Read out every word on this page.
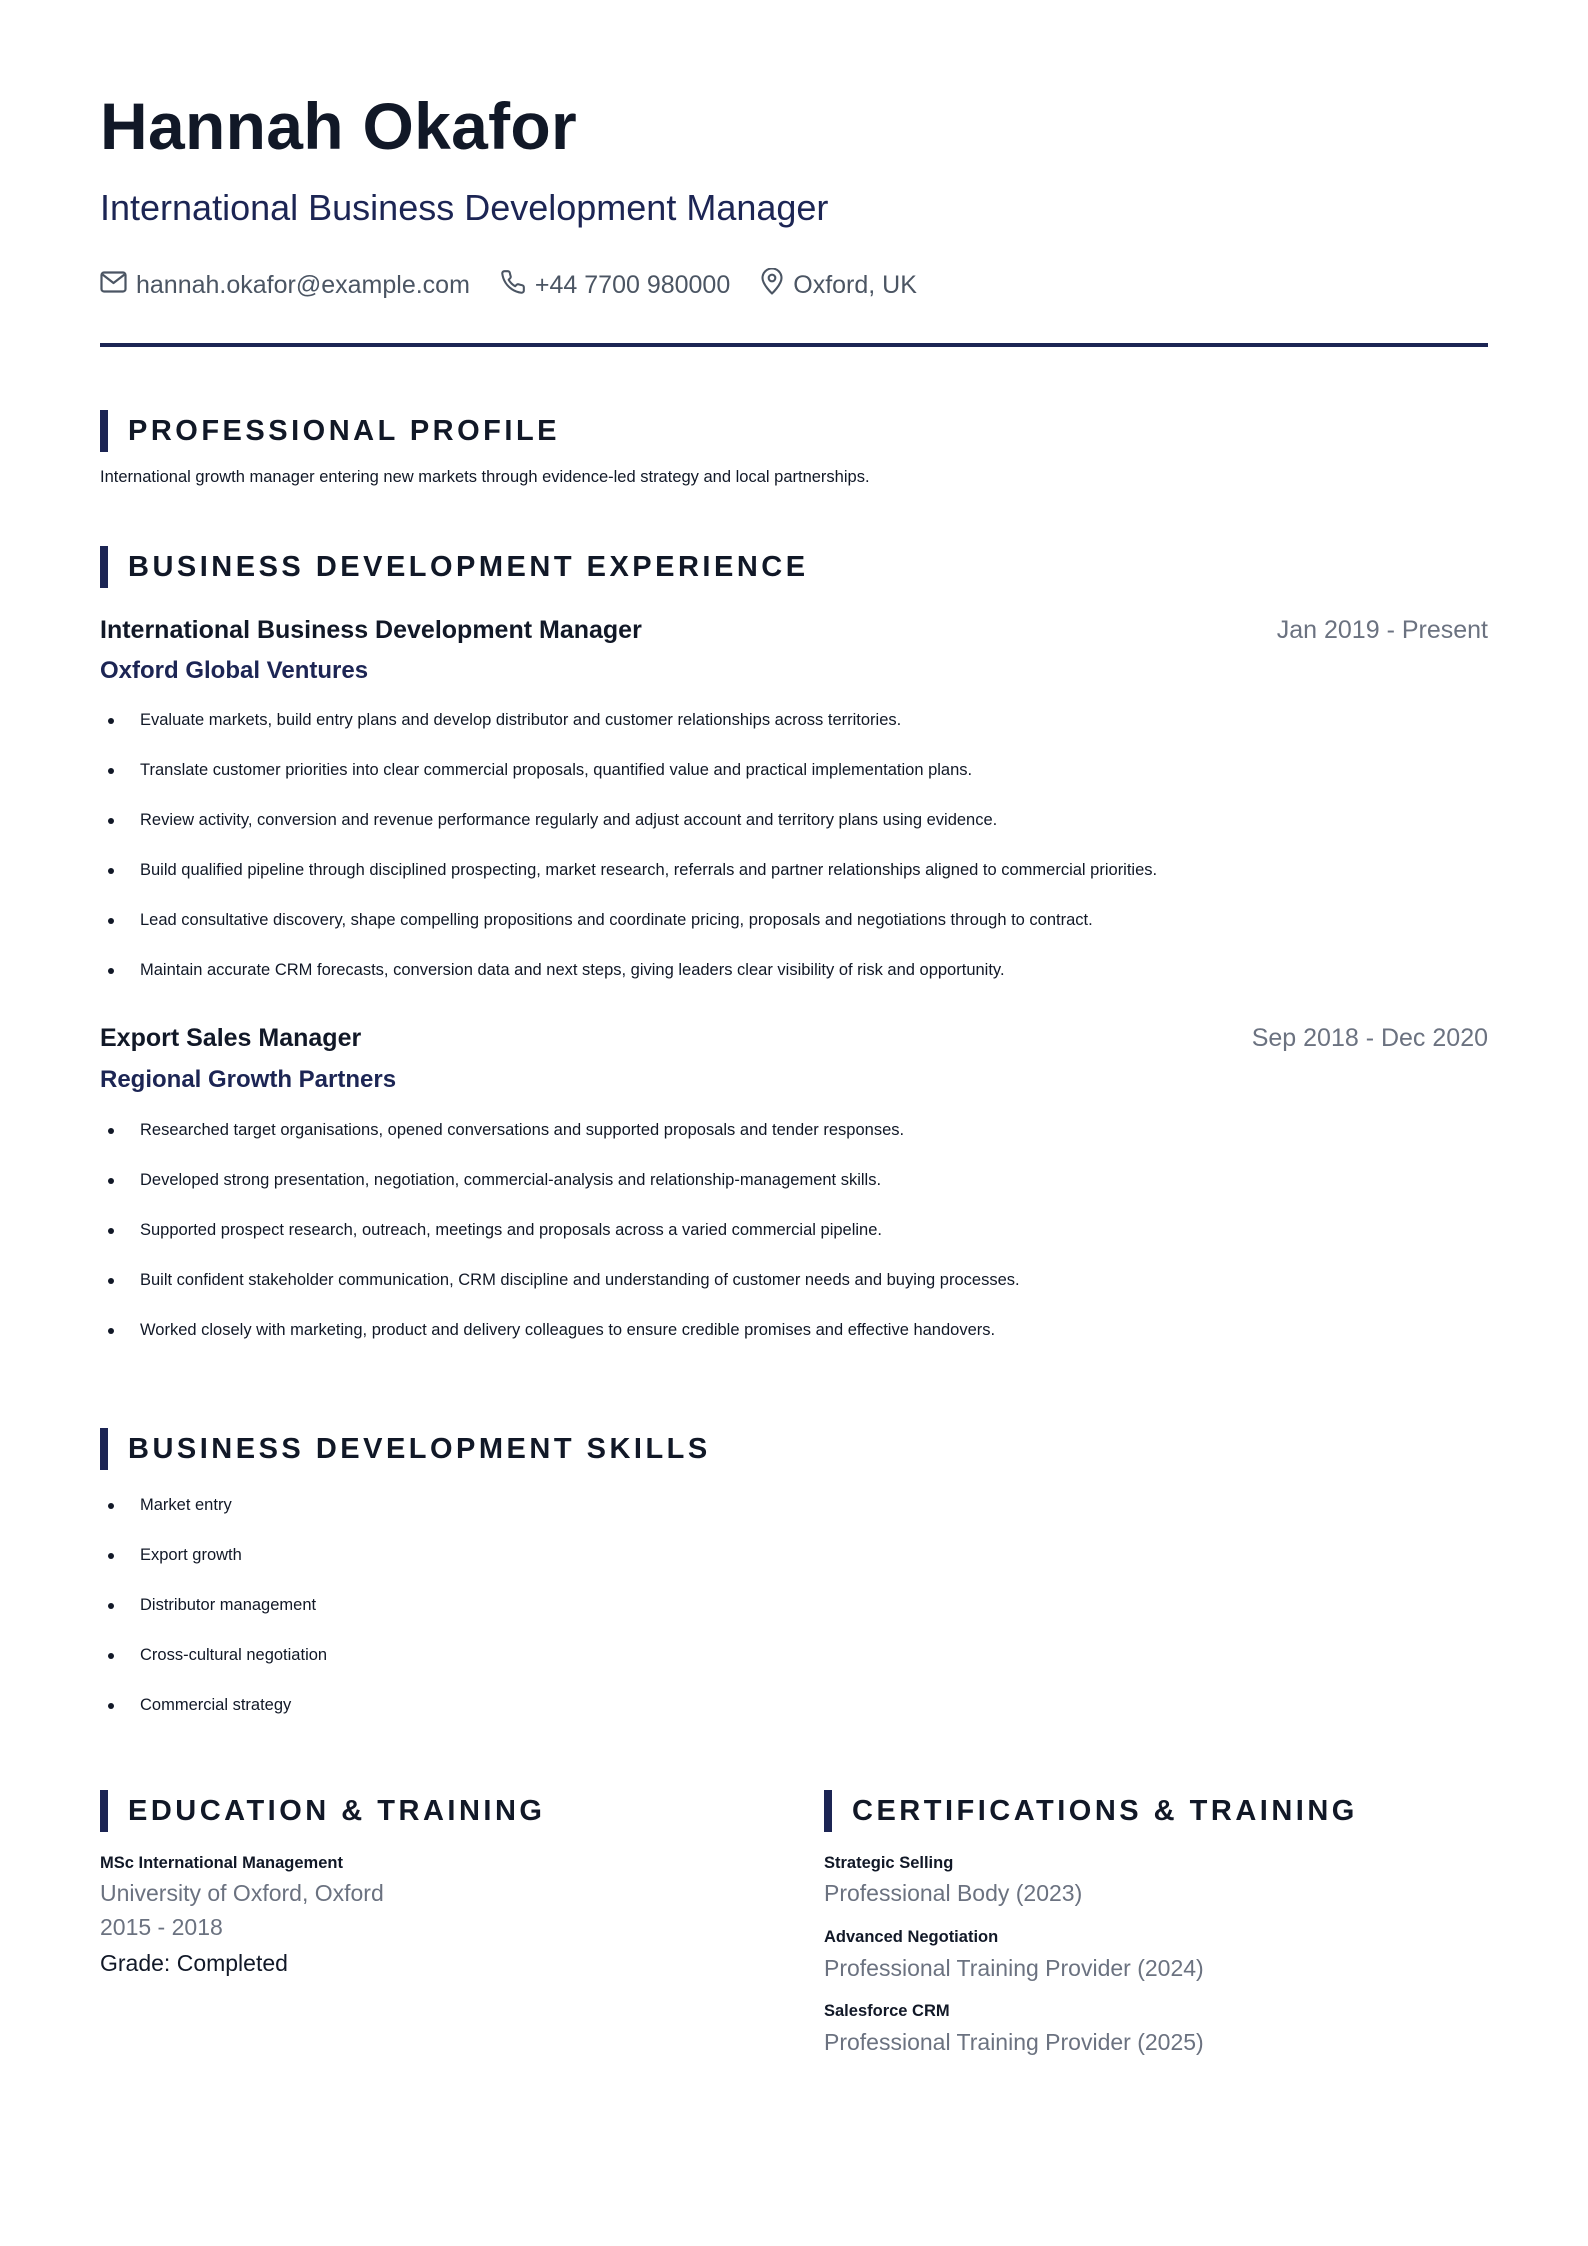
Hannah Okafor
International Business Development Manager
hannah.okafor@example.com	+44 7700 980000	Oxford, UK
PROFESSIONAL PROFILE
International growth manager entering new markets through evidence-led strategy and local partnerships.
BUSINESS DEVELOPMENT EXPERIENCE
International Business Development Manager	Jan 2019 - Present
Oxford Global Ventures
Evaluate markets, build entry plans and develop distributor and customer relationships across territories.
Translate customer priorities into clear commercial proposals, quantified value and practical implementation plans.
Review activity, conversion and revenue performance regularly and adjust account and territory plans using evidence.
Build qualified pipeline through disciplined prospecting, market research, referrals and partner relationships aligned to commercial priorities.
Lead consultative discovery, shape compelling propositions and coordinate pricing, proposals and negotiations through to contract.
Maintain accurate CRM forecasts, conversion data and next steps, giving leaders clear visibility of risk and opportunity.
Export Sales Manager	Sep 2018 - Dec 2020
Regional Growth Partners
Researched target organisations, opened conversations and supported proposals and tender responses.
Developed strong presentation, negotiation, commercial-analysis and relationship-management skills.
Supported prospect research, outreach, meetings and proposals across a varied commercial pipeline.
Built confident stakeholder communication, CRM discipline and understanding of customer needs and buying processes.
Worked closely with marketing, product and delivery colleagues to ensure credible promises and effective handovers.
BUSINESS DEVELOPMENT SKILLS
Market entry
Export growth
Distributor management
Cross-cultural negotiation
Commercial strategy
EDUCATION & TRAINING
MSc International Management
University of Oxford, Oxford
2015 - 2018
Grade: Completed
CERTIFICATIONS & TRAINING
Strategic Selling
Professional Body (2023)
Advanced Negotiation
Professional Training Provider (2024)
Salesforce CRM
Professional Training Provider (2025)
